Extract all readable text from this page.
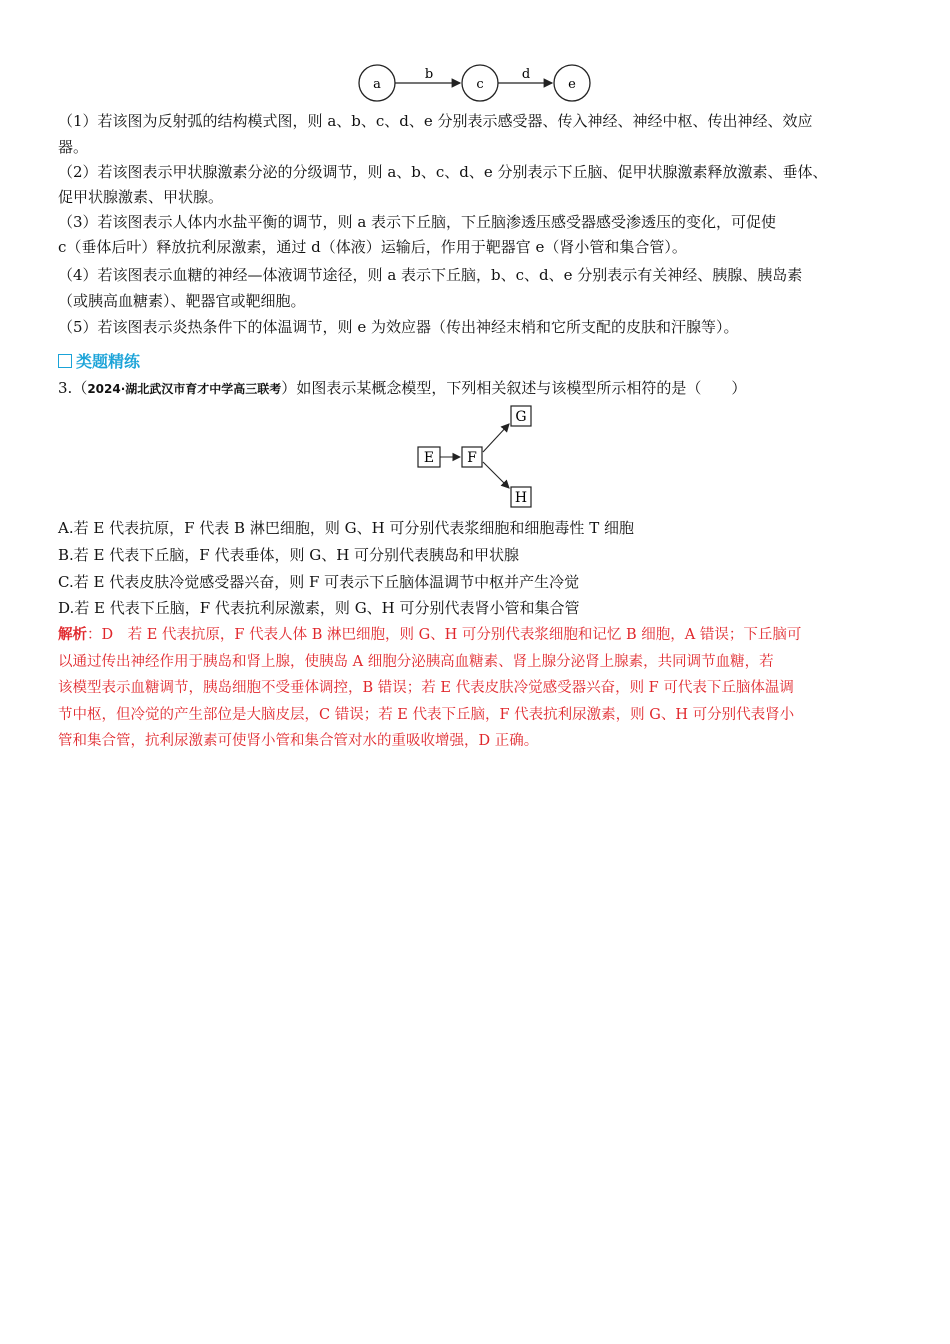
a	c	e
b	d
（1）若该图为反射弧的结构模式图，则 a、b、c、d、e 分别表示感受器、传入神经、神经中枢、传出神经、效应
器。
（2）若该图表示甲状腺激素分泌的分级调节，则 a、b、c、d、e 分别表示下丘脑、促甲状腺激素释放激素、垂体、
促甲状腺激素、甲状腺。
（3）若该图表示人体内水盐平衡的调节，则 a 表示下丘脑，下丘脑渗透压感受器感受渗透压的变化，可促使
c（垂体后叶）释放抗利尿激素，通过 d（体液）运输后，作用于靶器官 e（肾小管和集合管）。
（4）若该图表示血糖的神经—体液调节途径，则 a 表示下丘脑，b、c、d、e 分别表示有关神经、胰腺、胰岛素
（或胰高血糖素）、靶器官或靶细胞。
（5）若该图表示炎热条件下的体温调节，则 e 为效应器（传出神经末梢和它所支配的皮肤和汗腺等）。
类题精练
3.（2024·湖北武汉市育才中学高三联考）如图表示某概念模型，下列相关叙述与该模型所示相符的是（　　）
G
E F
H
A.若 E 代表抗原，F 代表 B 淋巴细胞，则 G、H 可分别代表浆细胞和细胞毒性 T 细胞
B.若 E 代表下丘脑，F 代表垂体，则 G、H 可分别代表胰岛和甲状腺
C.若 E 代表皮肤冷觉感受器兴奋，则 F 可表示下丘脑体温调节中枢并产生冷觉
D.若 E 代表下丘脑，F 代表抗利尿激素，则 G、H 可分别代表肾小管和集合管
解析：D　若 E 代表抗原，F 代表人体 B 淋巴细胞，则 G、H 可分别代表浆细胞和记忆 B 细胞，A 错误；下丘脑可
以通过传出神经作用于胰岛和肾上腺，使胰岛 A 细胞分泌胰高血糖素、肾上腺分泌肾上腺素，共同调节血糖，若
该模型表示血糖调节，胰岛细胞不受垂体调控，B 错误；若 E 代表皮肤冷觉感受器兴奋，则 F 可代表下丘脑体温调
节中枢，但冷觉的产生部位是大脑皮层，C 错误；若 E 代表下丘脑，F 代表抗利尿激素，则 G、H 可分别代表肾小
管和集合管，抗利尿激素可使肾小管和集合管对水的重吸收增强，D 正确。
